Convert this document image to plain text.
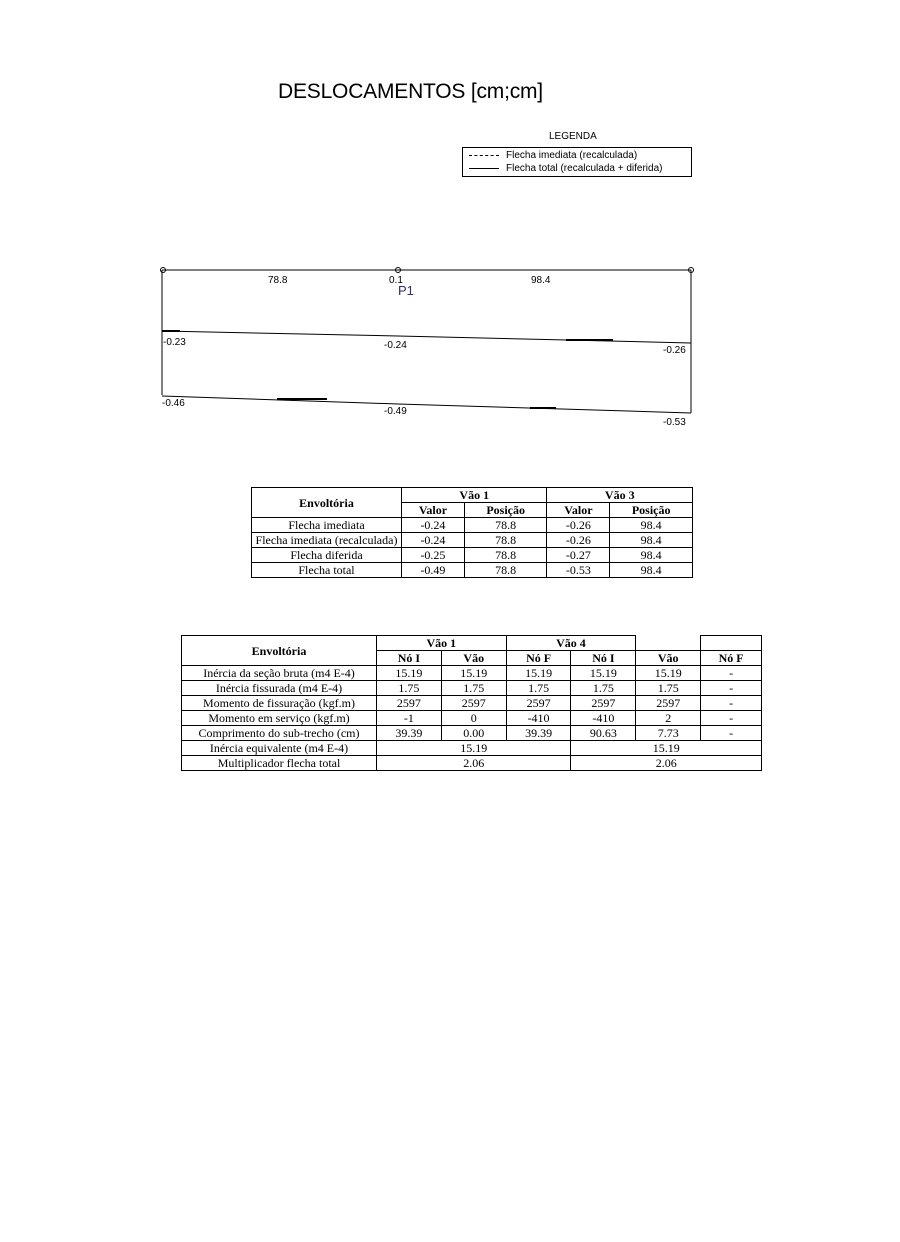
DESLOCAMENTOS [cm;cm]
LEGENDA
Flecha imediata (recalculada)
Flecha total (recalculada + diferida)
78.8	0.1	98.4
P1
-0.23	-0.24	-0.26
-0.46
-0.49
-0.53
Envoltória	Vão 1		Vão 3	
	Valor	Posição	Valor	Posição
Flecha imediata	-0.24	78.8	-0.26	98.4
Flecha imediata (recalculada)	-0.24	78.8	-0.26	98.4
Flecha diferida	-0.25	78.8	-0.27	98.4
Flecha total	-0.49	78.8	-0.53	98.4
Envoltória	Vão 1		Vão 4			
	Nó I	Vão	Nó F	Nó I	Vão	Nó F
Inércia da seção bruta (m4 E-4)	15.19	15.19	15.19	15.19	15.19	-
Inércia fissurada (m4 E-4)	1.75	1.75	1.75	1.75	1.75	-
Momento de fissuração (kgf.m)	2597	2597	2597	2597	2597	-
Momento em serviço (kgf.m)	-1	0	-410	-410	2	-
Comprimento do sub-trecho (cm)	39.39	0.00	39.39	90.63	7.73	-
Inércia equivalente (m4 E-4)	15.19			15.19		
Multiplicador flecha total	2.06			2.06		
